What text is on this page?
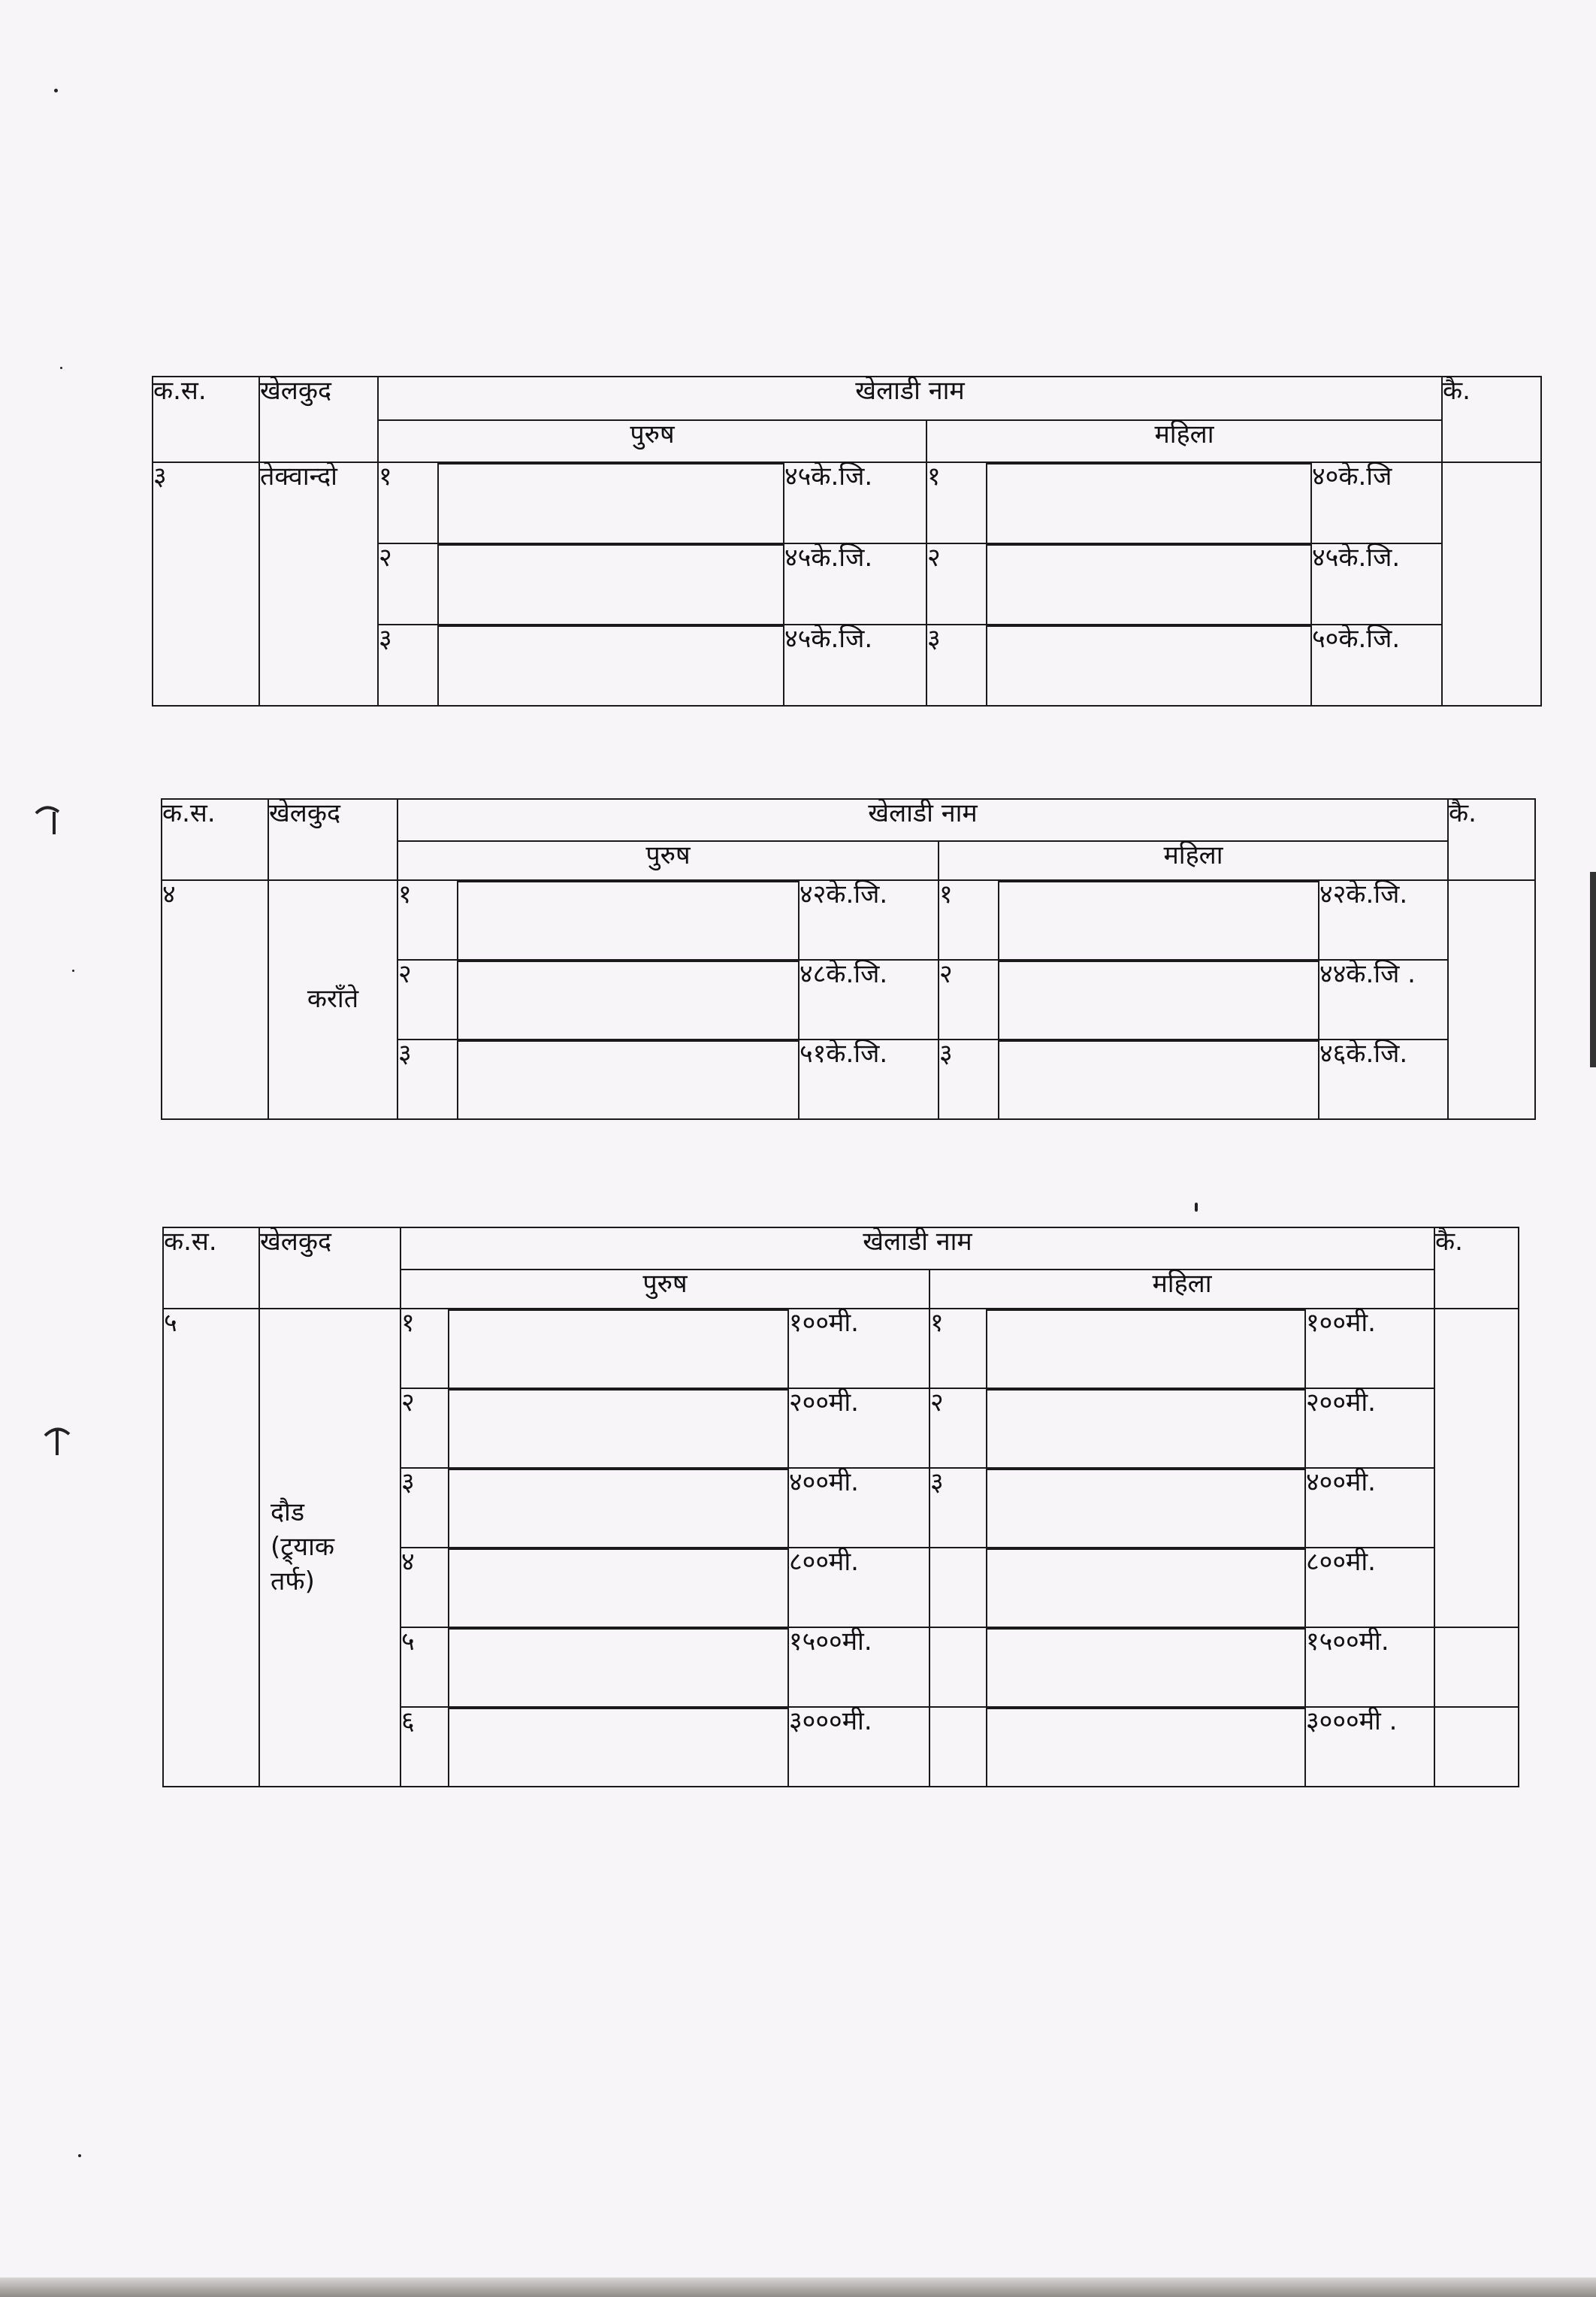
क.स.	खेलकुद	खेलाडी नाम						कै.
		पुरुष			महिला			
३	तेक्वान्दो	१		४५के.जि.	१		४०के.जि	
		२		४५के.जि.	२		४५के.जि.	
		३		४५के.जि.	३		५०के.जि.	
क.स.	खेलकुद	खेलाडी नाम						कै.
		पुरुष			महिला			
४	कराँते	१		४२के.जि.	१		४२के.जि.	
		२		४८के.जि.	२		४४के.जि .	
		३		५१के.जि.	३		४६के.जि.	
क.स.	खेलकुद	खेलाडी नाम						कै.
		पुरुष			महिला			
५	दौड (ट्र्याक तर्फ)	१		१००मी.	१		१००मी.	
		२		२००मी.	२		२००मी.	
		३		४००मी.	३		४००मी.	
		४		८००मी.			८००मी.	
		५		१५००मी.			१५००मी.	
		६		३०००मी.			३०००मी .	
